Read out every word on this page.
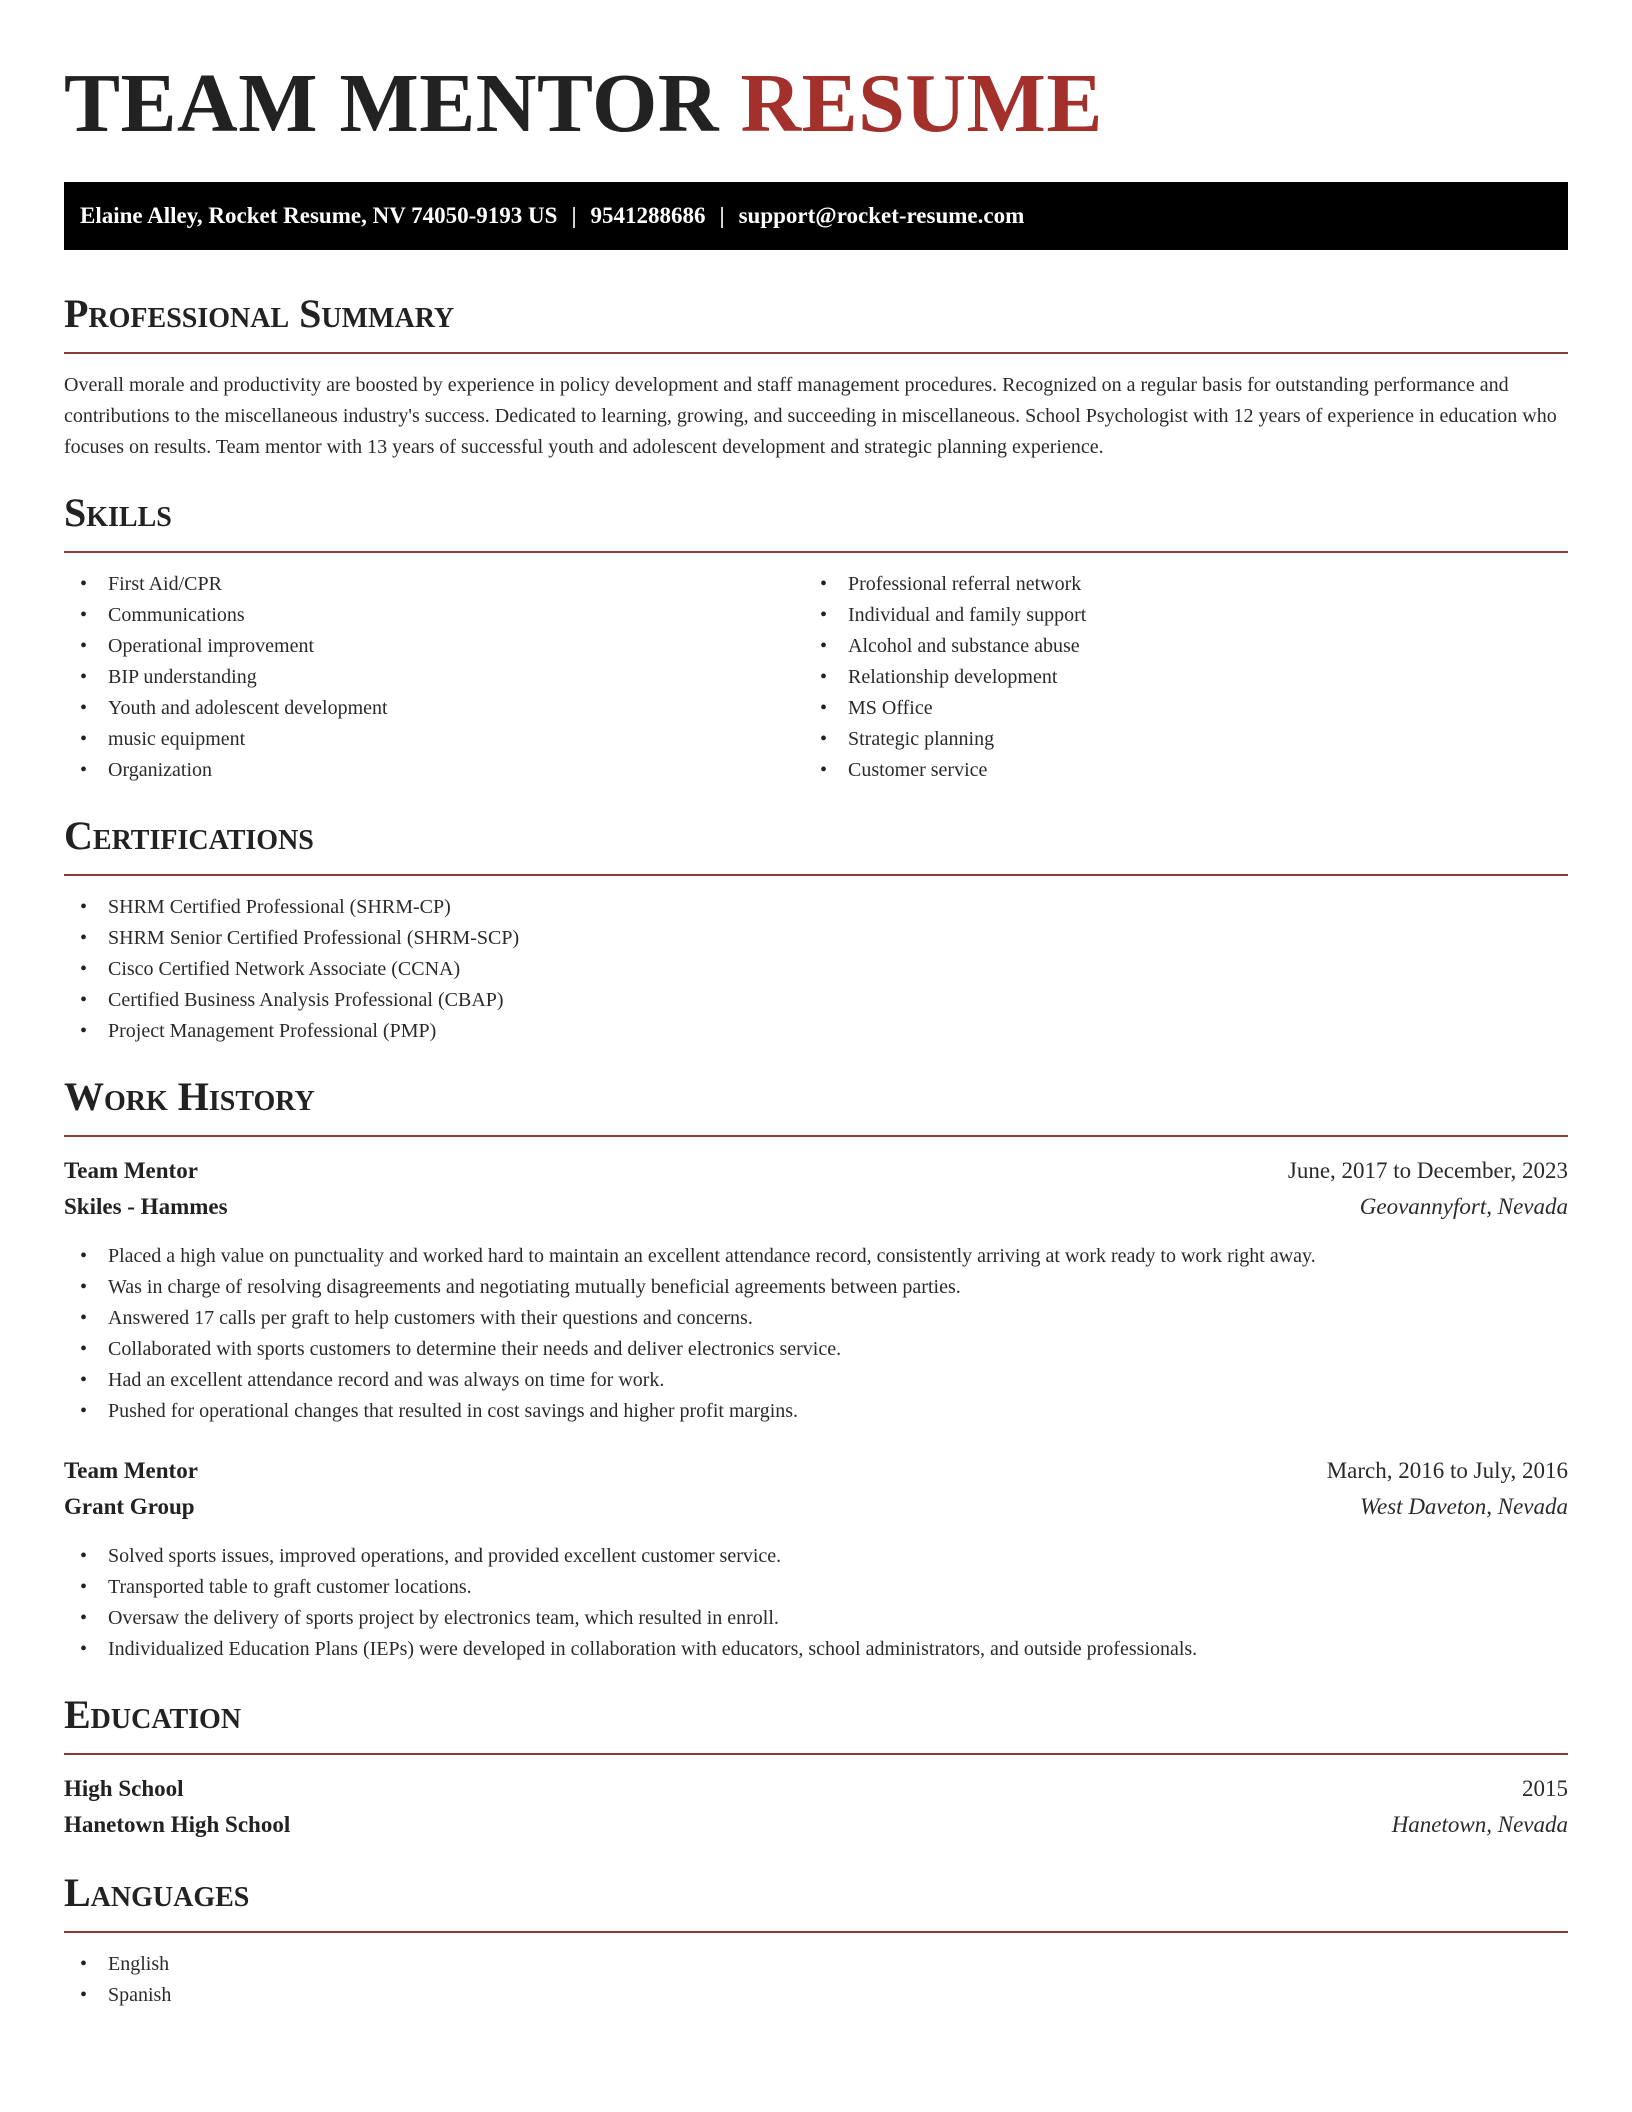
TEAM MENTOR RESUME
Elaine Alley, Rocket Resume, NV 74050-9193 US | 9541288686 | support@rocket-resume.com
Professional Summary

Overall morale and productivity are boosted by experience in policy development and staff management procedures. Recognized on a regular basis for outstanding performance and contributions to the miscellaneous industry's success. Dedicated to learning, growing, and succeeding in miscellaneous. School Psychologist with 12 years of experience in education who focuses on results. Team mentor with 13 years of successful youth and adolescent development and strategic planning experience.

Skills
• First Aid/CPR
• Communications
• Operational improvement
• BIP understanding
• Youth and adolescent development
• music equipment
• Organization
• Professional referral network
• Individual and family support
• Alcohol and substance abuse
• Relationship development
• MS Office
• Strategic planning
• Customer service
Certifications
• SHRM Certified Professional (SHRM-CP)
• SHRM Senior Certified Professional (SHRM-SCP)
• Cisco Certified Network Associate (CCNA)
• Certified Business Analysis Professional (CBAP)
• Project Management Professional (PMP)
Work History
Team Mentor	June, 2017 to December, 2023
Skiles - Hammes	Geovannyfort, Nevada
• Placed a high value on punctuality and worked hard to maintain an excellent attendance record, consistently arriving at work ready to work right away.
• Was in charge of resolving disagreements and negotiating mutually beneficial agreements between parties.
• Answered 17 calls per graft to help customers with their questions and concerns.
• Collaborated with sports customers to determine their needs and deliver electronics service.
• Had an excellent attendance record and was always on time for work.
• Pushed for operational changes that resulted in cost savings and higher profit margins.
Team Mentor	March, 2016 to July, 2016
Grant Group	West Daveton, Nevada
• Solved sports issues, improved operations, and provided excellent customer service.
• Transported table to graft customer locations.
• Oversaw the delivery of sports project by electronics team, which resulted in enroll.
• Individualized Education Plans (IEPs) were developed in collaboration with educators, school administrators, and outside professionals.
Education
High School	2015
Hanetown High School	Hanetown, Nevada
Languages
• English
• Spanish
